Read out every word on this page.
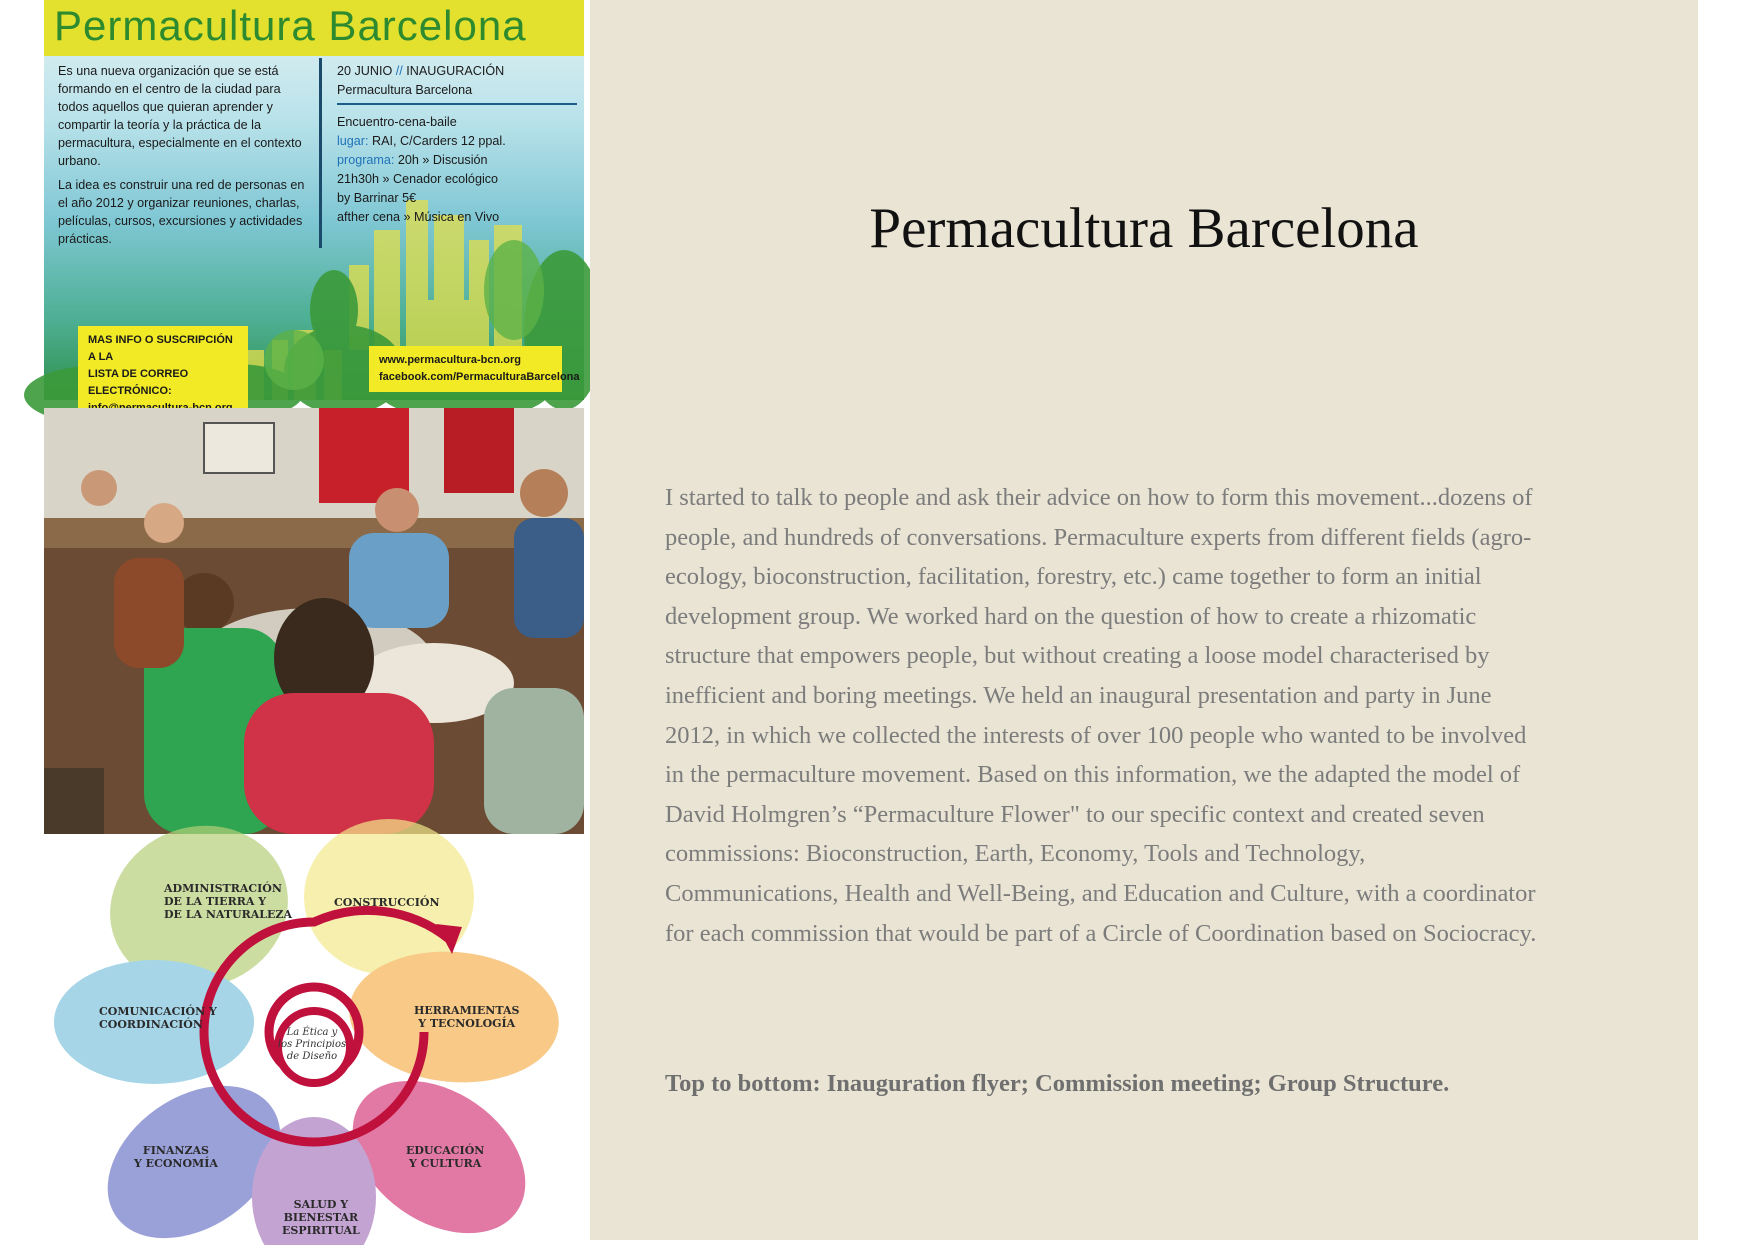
Permacultura Barcelona

Es una nueva organización que se está formando en el centro de la ciudad para todos aquellos que quieran aprender y compartir la teoría y la práctica de la permacultura, especialmente en el contexto urbano.

La idea es construir una red de personas en el año 2012 y organizar reuniones, charlas, películas, cursos, excursiones y actividades prácticas.

20 JUNIO // INAUGURACIÓN
Permacultura Barcelona
Encuentro-cena-baile
lugar: RAI, C/Carders 12 ppal.
programa: 20h » Discusión
21h30h » Cenador ecológico
by Barrinar 5€
afther cena » Música en Vivo
MAS INFO O SUSCRIPCIÓN A LA
LISTA DE CORREO ELECTRÓNICO:
www.permacultura-bcn.org
facebook.com/PermaculturaBarcelona
ADMINISTRACIÓN
DE LA TIERRA Y
DE LA NATURALEZA
CONSTRUCCIÓN
HERRAMIENTAS
Y TECNOLOGÍA
COMUNICACIÓN Y
COORDINACIÓN
FINANZAS
Y ECONOMÍA
EDUCACIÓN
Y CULTURA
SALUD Y
BIENESTAR
ESPIRITUAL
La Ética y
los Principios
de Diseño
Permacultura Barcelona

I started to talk to people and ask their advice on how to form this movement...dozens of people, and hundreds of conversations. Permaculture experts from different fields (agro-ecology, bioconstruction, facilitation, forestry, etc.) came together to form an initial development group. We worked hard on the question of how to create a rhizomatic structure that empowers people, but without creating a loose model characterised by inefficient and boring meetings. We held an inaugural presentation and party in June 2012, in which we collected the interests of over 100 people who wanted to be involved in the permaculture movement. Based on this information, we the adapted the model of David Holmgren’s “Permaculture Flower" to our specific context and created seven commissions: Bioconstruction, Earth, Economy, Tools and Technology, Communications, Health and Well-Being, and Education and Culture, with a coordinator for each commission that would be part of a Circle of Coordination based on Sociocracy.

Top to bottom: Inauguration flyer; Commission meeting; Group Structure.
